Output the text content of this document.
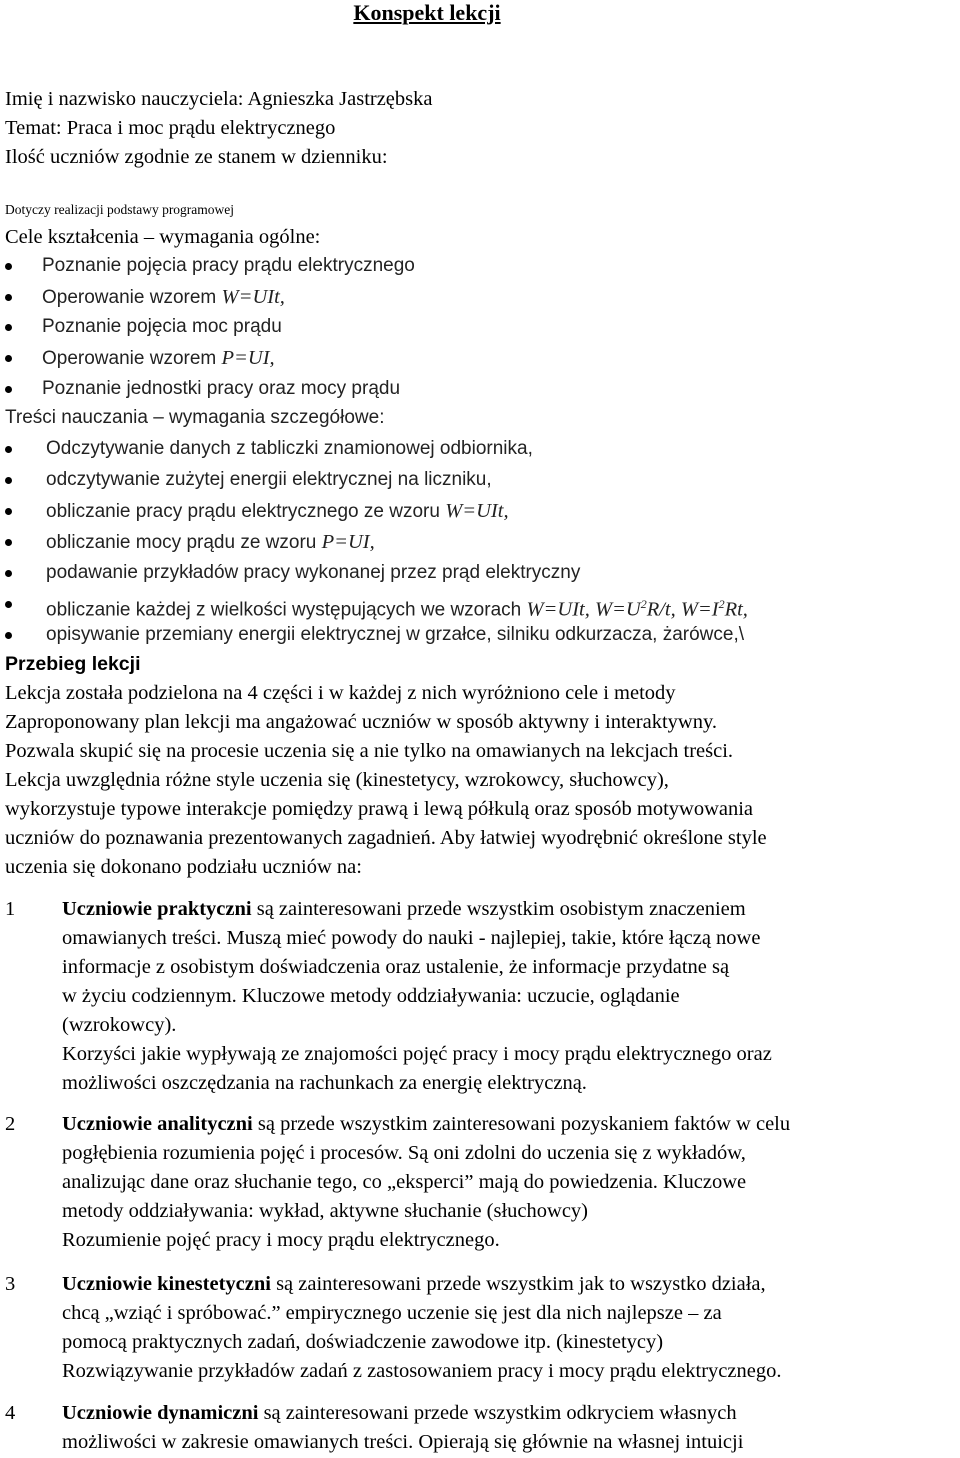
Konspekt lekcji
Imię i nazwisko nauczyciela: Agnieszka Jastrzębska
Temat: Praca i moc prądu elektrycznego
Ilość uczniów zgodnie ze stanem w dzienniku:
Dotyczy realizacji podstawy programowej
Cele kształcenia – wymagania ogólne:
Poznanie pojęcia pracy prądu elektrycznego
Operowanie wzorem W=UIt,
Poznanie pojęcia moc prądu
Operowanie wzorem P=UI,
Poznanie jednostki pracy oraz mocy prądu
Treści nauczania – wymagania szczegółowe:
Odczytywanie danych z tabliczki znamionowej odbiornika,
odczytywanie zużytej energii elektrycznej na liczniku,
obliczanie pracy prądu elektrycznego ze wzoru W=UIt,
obliczanie mocy prądu ze wzoru P=UI,
podawanie przykładów pracy wykonanej przez prąd elektryczny
obliczanie każdej z wielkości występujących we wzorach W=UIt, $W=U^2R/t$, $W=I^2Rt$,
opisywanie przemiany energii elektrycznej w grzałce, silniku odkurzacza, żarówce,\
Przebieg lekcji
Lekcja została podzielona na 4 części i w każdej z nich wyróżniono cele i metody
Zaproponowany plan lekcji ma angażować uczniów w sposób aktywny i interaktywny.
Pozwala skupić się na procesie uczenia się a nie tylko na omawianych na lekcjach treści.
Lekcja uwzględnia różne style uczenia się (kinestetycy, wzrokowcy, słuchowcy),
wykorzystuje typowe interakcje pomiędzy prawą i lewą półkulą oraz sposób motywowania
uczniów do poznawania prezentowanych zagadnień. Aby łatwiej wyodrębnić określone style
uczenia się dokonano podziału uczniów na:
1 Uczniowie praktyczni są zainteresowani przede wszystkim osobistym znaczeniem
omawianych treści. Muszą mieć powody do nauki - najlepiej, takie, które łączą nowe
informacje z osobistym doświadczenia oraz ustalenie, że informacje przydatne są
w życiu codziennym. Kluczowe metody oddziaływania: uczucie, oglądanie
(wzrokowcy).
Korzyści jakie wypływają ze znajomości pojęć pracy i mocy prądu elektrycznego oraz
możliwości oszczędzania na rachunkach za energię elektryczną.
2 Uczniowie analityczni są przede wszystkim zainteresowani pozyskaniem faktów w celu
pogłębienia rozumienia pojęć i procesów. Są oni zdolni do uczenia się z wykładów,
analizując dane oraz słuchanie tego, co „eksperci” mają do powiedzenia. Kluczowe
metody oddziaływania: wykład, aktywne słuchanie (słuchowcy)
Rozumienie pojęć pracy i mocy prądu elektrycznego.
3 Uczniowie kinestetyczni są zainteresowani przede wszystkim jak to wszystko działa,
chcą „wziąć i spróbować.” empirycznego uczenie się jest dla nich najlepsze – za
pomocą praktycznych zadań, doświadczenie zawodowe itp. (kinestetycy)
Rozwiązywanie przykładów zadań z zastosowaniem pracy i mocy prądu elektrycznego.
4 Uczniowie dynamiczni są zainteresowani przede wszystkim odkryciem własnych
możliwości w zakresie omawianych treści. Opierają się głównie na własnej intuicji
